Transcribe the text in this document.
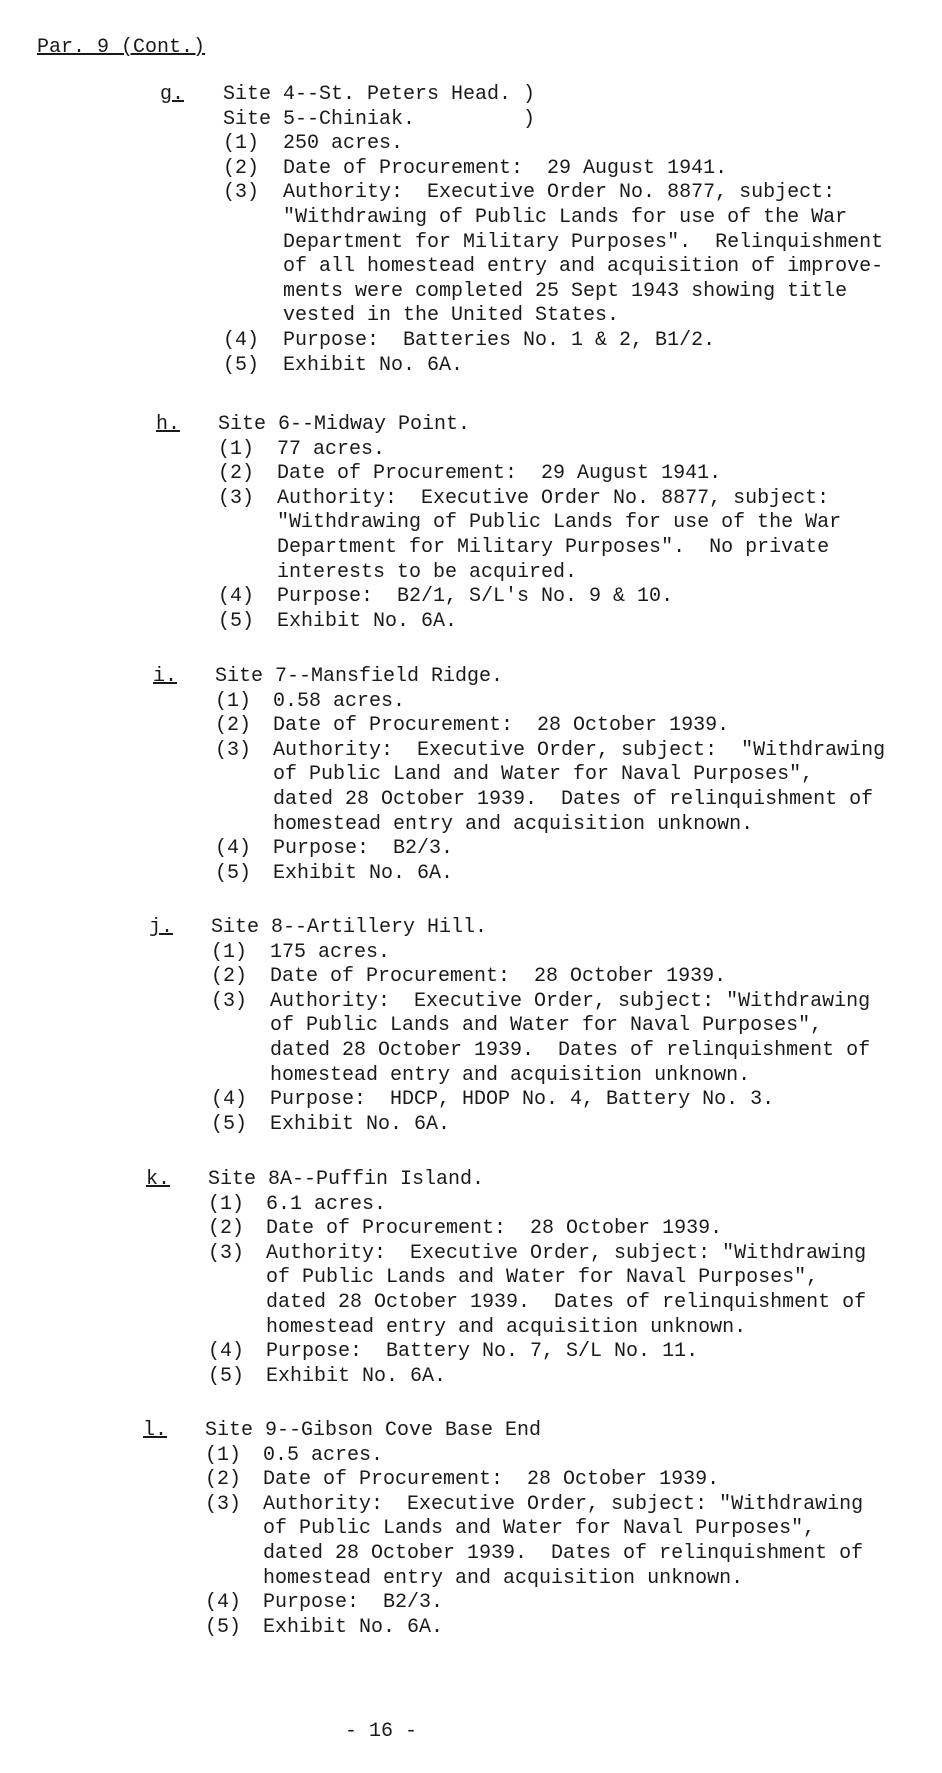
Par. 9 (Cont.)
g. Site 4--St. Peters Head. )
Site 5--Chiniak.         )
(1) 250 acres.
(2) Date of Procurement:  29 August 1941.
(3) Authority:  Executive Order No. 8877, subject:
"Withdrawing of Public Lands for use of the War
Department for Military Purposes".  Relinquishment
of all homestead entry and acquisition of improve-
ments were completed 25 Sept 1943 showing title
vested in the United States.
(4) Purpose:  Batteries No. 1 & 2, B1/2.
(5) Exhibit No. 6A.
h. Site 6--Midway Point.
(1) 77 acres.
(2) Date of Procurement:  29 August 1941.
(3) Authority:  Executive Order No. 8877, subject:
"Withdrawing of Public Lands for use of the War
Department for Military Purposes".  No private
interests to be acquired.
(4) Purpose:  B2/1, S/L's No. 9 & 10.
(5) Exhibit No. 6A.
i. Site 7--Mansfield Ridge.
(1) 0.58 acres.
(2) Date of Procurement:  28 October 1939.
(3) Authority:  Executive Order, subject:  "Withdrawing
of Public Land and Water for Naval Purposes",
dated 28 October 1939.  Dates of relinquishment of
homestead entry and acquisition unknown.
(4) Purpose:  B2/3.
(5) Exhibit No. 6A.
j. Site 8--Artillery Hill.
(1) 175 acres.
(2) Date of Procurement:  28 October 1939.
(3) Authority:  Executive Order, subject: "Withdrawing
of Public Lands and Water for Naval Purposes",
dated 28 October 1939.  Dates of relinquishment of
homestead entry and acquisition unknown.
(4) Purpose:  HDCP, HDOP No. 4, Battery No. 3.
(5) Exhibit No. 6A.
k. Site 8A--Puffin Island.
(1) 6.1 acres.
(2) Date of Procurement:  28 October 1939.
(3) Authority:  Executive Order, subject: "Withdrawing
of Public Lands and Water for Naval Purposes",
dated 28 October 1939.  Dates of relinquishment of
homestead entry and acquisition unknown.
(4) Purpose:  Battery No. 7, S/L No. 11.
(5) Exhibit No. 6A.
l. Site 9--Gibson Cove Base End
(1) 0.5 acres.
(2) Date of Procurement:  28 October 1939.
(3) Authority:  Executive Order, subject: "Withdrawing
of Public Lands and Water for Naval Purposes",
dated 28 October 1939.  Dates of relinquishment of
homestead entry and acquisition unknown.
(4) Purpose:  B2/3.
(5) Exhibit No. 6A.
- 16 -
